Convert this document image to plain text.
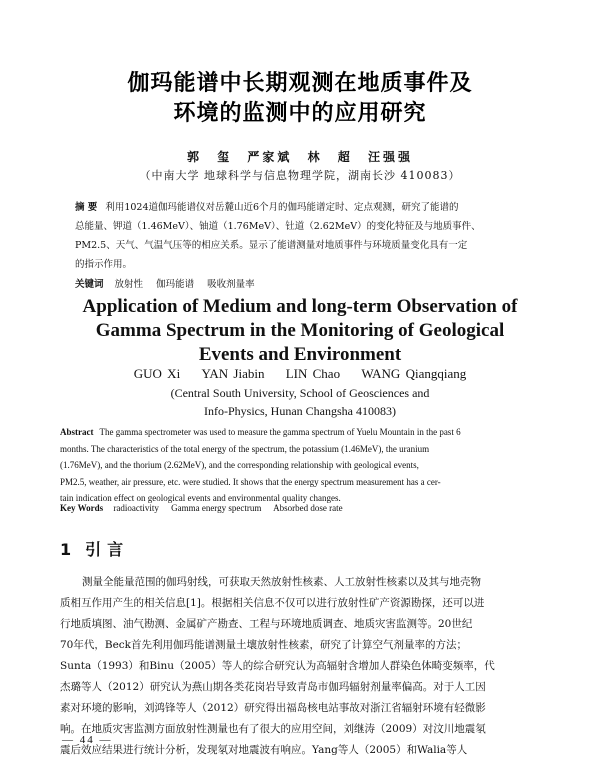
伽玛能谱中长期观测在地质事件及
环境的监测中的应用研究
郭 玺 严家斌 林 超 汪强强
（中南大学 地球科学与信息物理学院，湖南长沙 410083）
摘 要 利用1024道伽玛能谱仪对岳麓山近6个月的伽玛能谱定时、定点观测，研究了能谱的
总能量、钾道（1.46MeV）、铀道（1.76MeV）、钍道（2.62MeV）的变化特征及与地质事件、
PM2.5、天气、气温气压等的相应关系。显示了能谱测量对地质事件与环境质量变化具有一定
的指示作用。
关键词 放射性 伽玛能谱 吸收剂量率
Application of Medium and long-term Observation of
Gamma Spectrum in the Monitoring of Geological
Events and Environment
GUO Xi YAN Jiabin LIN Chao WANG Qiangqiang
(Central South University, School of Geosciences and
Info-Physics, Hunan Changsha 410083)
Abstract The gamma spectrometer was used to measure the gamma spectrum of Yuelu Mountain in the past 6
months. The characteristics of the total energy of the spectrum, the potassium (1.46MeV), the uranium
(1.76MeV), and the thorium (2.62MeV), and the corresponding relationship with geological events,
PM2.5, weather, air pressure, etc. were studied. It shows that the energy spectrum measurement has a cer-
tain indication effect on geological events and environmental quality changes.
Key Words radioactivity Gamma energy spectrum Absorbed dose rate
1 引言
测量全能量范围的伽玛射线，可获取天然放射性核素、人工放射性核素以及其与地壳物
质相互作用产生的相关信息[1]。根据相关信息不仅可以进行放射性矿产资源勘探，还可以进
行地质填图、油气勘测、金属矿产勘查、工程与环境地质调查、地质灾害监测等。20世纪
70年代，Beck首先利用伽玛能谱测量土壤放射性核素，研究了计算空气剂量率的方法；
Sunta（1993）和Binu（2005）等人的综合研究认为高辐射含增加人群染色体畸变频率，代
杰璐等人（2012）研究认为燕山期各类花岗岩导致青岛市伽玛辐射剂量率偏高。对于人工因
素对环境的影响，刘鸿锋等人（2012）研究得出福岛核电站事故对浙江省辐射环境有轻微影
响。在地质灾害监测方面放射性测量也有了很大的应用空间，刘继涛（2009）对汶川地震氡
震后效应结果进行统计分析，发现氡对地震波有响应。Yang等人（2005）和Walia等人
— 44 —
